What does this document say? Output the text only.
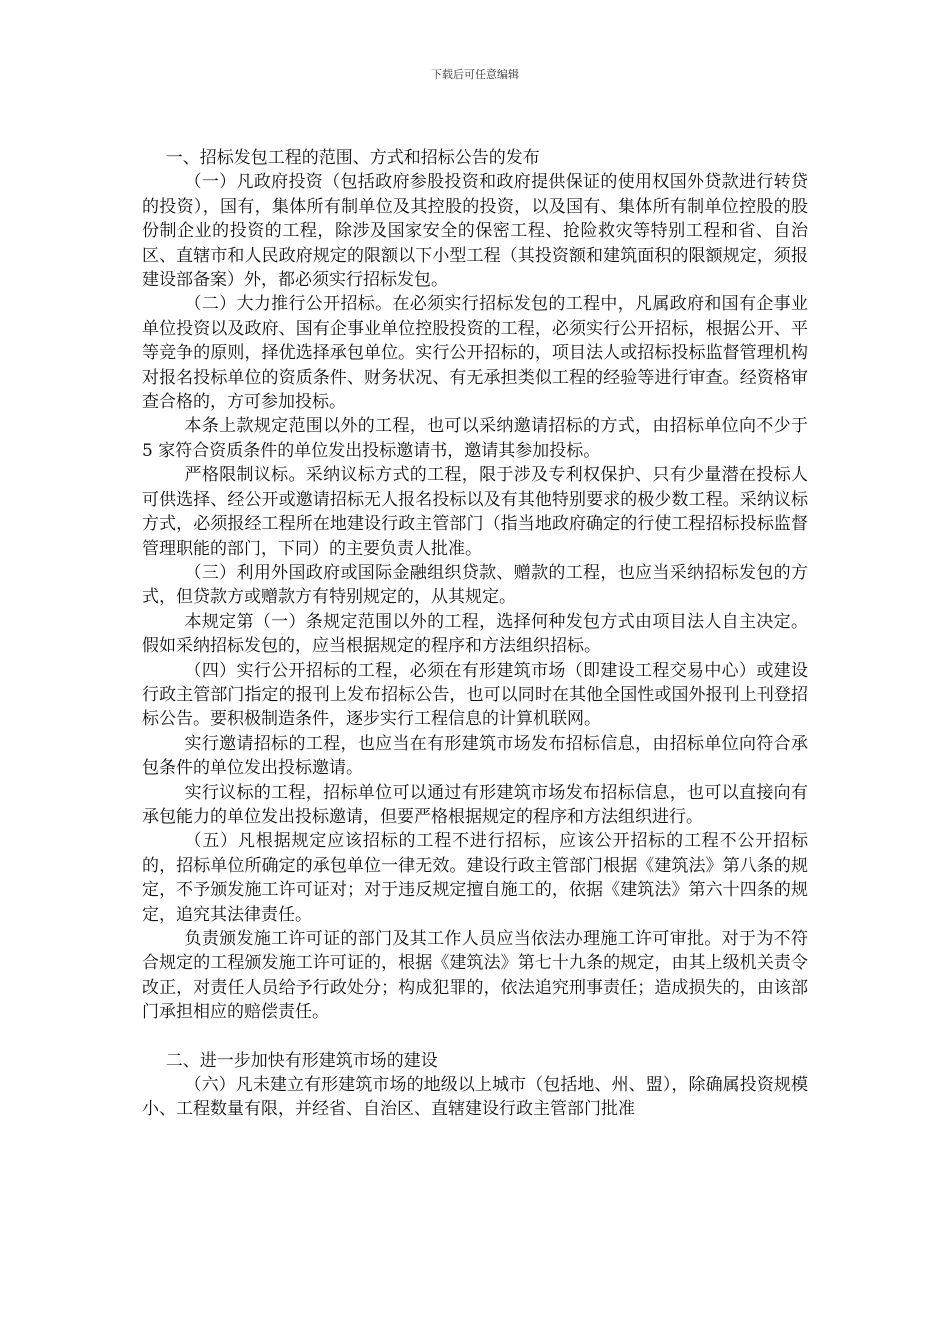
下载后可任意编辑

一、招标发包工程的范围、方式和招标公告的发布

（一）凡政府投资（包括政府参股投资和政府提供保证的使用权国外贷款进行转贷的投资），国有，集体所有制单位及其控股的投资，以及国有、集体所有制单位控股的股份制企业的投资的工程，除涉及国家安全的保密工程、抢险救灾等特别工程和省、自治区、直辖市和人民政府规定的限额以下小型工程（其投资额和建筑面积的限额规定，须报建设部备案）外，都必须实行招标发包。

（二）大力推行公开招标。在必须实行招标发包的工程中，凡属政府和国有企事业单位投资以及政府、国有企事业单位控股投资的工程，必须实行公开招标，根据公开、平等竞争的原则，择优选择承包单位。实行公开招标的，项目法人或招标投标监督管理机构对报名投标单位的资质条件、财务状况、有无承担类似工程的经验等进行审查。经资格审查合格的，方可参加投标。

本条上款规定范围以外的工程，也可以采纳邀请招标的方式，由招标单位向不少于 5 家符合资质条件的单位发出投标邀请书，邀请其参加投标。

严格限制议标。采纳议标方式的工程，限于涉及专利权保护、只有少量潜在投标人可供选择、经公开或邀请招标无人报名投标以及有其他特别要求的极少数工程。采纳议标方式，必须报经工程所在地建设行政主管部门（指当地政府确定的行使工程招标投标监督管理职能的部门，下同）的主要负责人批准。

（三）利用外国政府或国际金融组织贷款、赠款的工程，也应当采纳招标发包的方式，但贷款方或赠款方有特别规定的，从其规定。

本规定第（一）条规定范围以外的工程，选择何种发包方式由项目法人自主决定。假如采纳招标发包的，应当根据规定的程序和方法组织招标。

（四）实行公开招标的工程，必须在有形建筑市场（即建设工程交易中心）或建设行政主管部门指定的报刊上发布招标公告，也可以同时在其他全国性或国外报刊上刊登招标公告。要积极制造条件，逐步实行工程信息的计算机联网。

实行邀请招标的工程，也应当在有形建筑市场发布招标信息，由招标单位向符合承包条件的单位发出投标邀请。

实行议标的工程，招标单位可以通过有形建筑市场发布招标信息，也可以直接向有承包能力的单位发出投标邀请，但要严格根据规定的程序和方法组织进行。

（五）凡根据规定应该招标的工程不进行招标，应该公开招标的工程不公开招标的，招标单位所确定的承包单位一律无效。建设行政主管部门根据《建筑法》第八条的规定，不予颁发施工许可证对；对于违反规定擅自施工的，依据《建筑法》第六十四条的规定，追究其法律责任。

负责颁发施工许可证的部门及其工作人员应当依法办理施工许可审批。对于为不符合规定的工程颁发施工许可证的，根据《建筑法》第七十九条的规定，由其上级机关责令改正，对责任人员给予行政处分；构成犯罪的，依法追究刑事责任；造成损失的，由该部门承担相应的赔偿责任。

二、进一步加快有形建筑市场的建设

（六）凡未建立有形建筑市场的地级以上城市（包括地、州、盟），除确属投资规模小、工程数量有限，并经省、自治区、直辖建设行政主管部门批准
